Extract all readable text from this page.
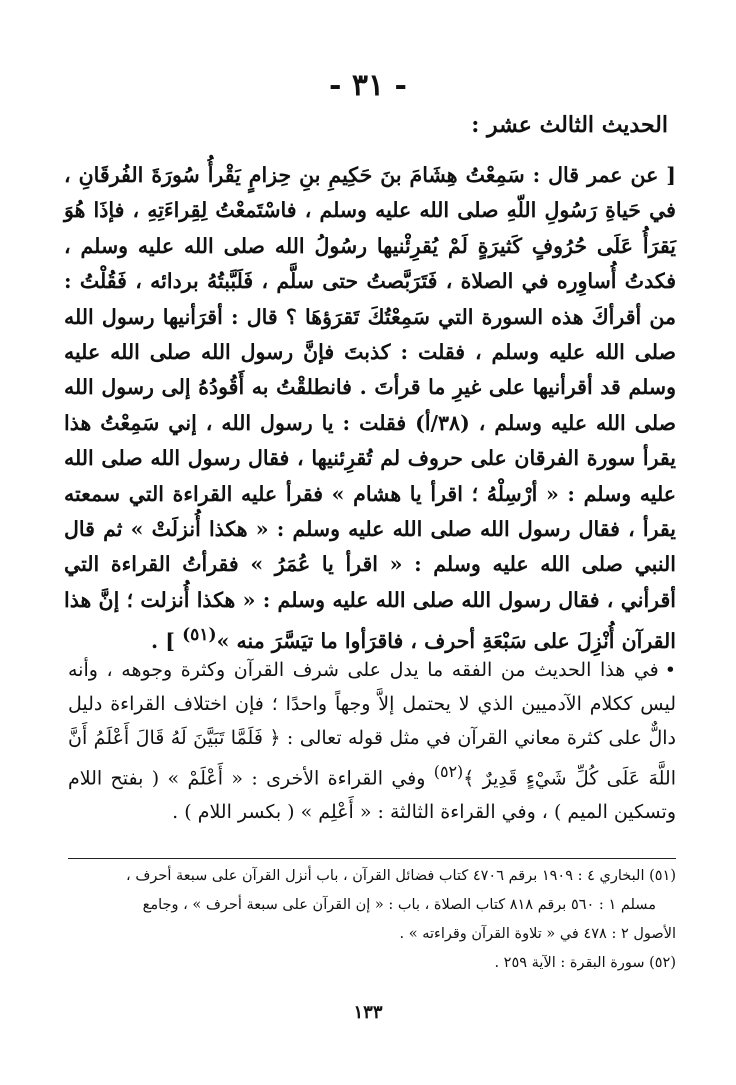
- ٣١ -
الحديث الثالث عشر :
[ عن عمر قال : سَمِعْتُ هِشَامَ بنَ حَكِيمِ بنِ حِزامٍ يَقْرأُ سُورَةَ الفُرقَانِ ، في حَياةِ رَسُولِ اللّهِ صلى الله عليه وسلم ، فاسْتَمعْتُ لِقِراءَتِهِ ، فإذَا هُوَ يَقرَأُ عَلَى حُرُوفٍ كَثيرَةٍ لَمْ يُقرِئْنيها رسُولُ الله صلى الله عليه وسلم ، فكدتُ أُساوِره في الصلاة ، فَتَرَبَّصتُ حتى سلَّم ، فَلَبَّبتُهُ بردائه ، فَقُلْتُ : من أقرأكَ هذه السورة التي سَمِعْتُكَ تَقرَؤهَا ؟ قال : أقرَأنيها رسول الله صلى الله عليه وسلم ، فقلت : كذبتَ فإنَّ رسول الله صلى الله عليه وسلم قد أقرأنيها على غيرِ ما قرأتَ . فانطلقْتُ به أَقُودُهُ إلى رسول الله صلى الله عليه وسلم ، (٣٨/أ) فقلت : يا رسول الله ، إني سَمِعْتُ هذا يقرأ سورة الفرقان على حروف لم تُقرِئنيها ، فقال رسول الله صلى الله عليه وسلم : « أرْسِلْهُ ؛ اقرأ يا هشام » فقرأ عليه القراءة التي سمعته يقرأ ، فقال رسول الله صلى الله عليه وسلم : « هكذا أُنزلَتْ » ثم قال النبي صلى الله عليه وسلم : « اقرأ يا عُمَرُ » فقرأتُ القراءة التي أقرأني ، فقال رسول الله صلى الله عليه وسلم : « هكذا أُنزلت ؛ إنَّ هذا القرآن أُنْزِلَ على سَبْعَةِ أحرف ، فاقرَأوا ما تيَسَّرَ منه »$^{(٥١)}$ ] .
•في هذا الحديث من الفقه ما يدل على شرف القرآن وكثرة وجوهه ، وأنه ليس ككلام الآدميين الذي لا يحتمل إلاَّ وجهاً واحدًا ؛ فإن اختلاف القراءة دليل دالٌّ على كثرة معاني القرآن في مثل قوله تعالى : ﴿ فَلَمَّا تَبَيَّنَ لَهُ قَالَ أَعْلَمُ أَنَّ اللَّهَ عَلَى كُلِّ شَيْءٍ قَدِيرٌ ﴾$^{(٥٢)}$ وفي القراءة الأخرى : « أَعْلَمْ » ( بفتح اللام وتسكين الميم ) ، وفي القراءة الثالثة : « أَعْلِم » ( بكسر اللام ) .

(٥١) البخاري ٤ : ١٩٠٩ برقم ٤٧٠٦ كتاب فضائل القرآن ، باب أنزل القرآن على سبعة أحرف ،

مسلم ١ : ٥٦٠ برقم ٨١٨ كتاب الصلاة ، باب : « إن القرآن على سبعة أحرف » ، وجامع

الأصول ٢ : ٤٧٨ في « تلاوة القرآن وقراءته » .

(٥٢) سورة البقرة : الآية ٢٥٩ .

١٣٣
